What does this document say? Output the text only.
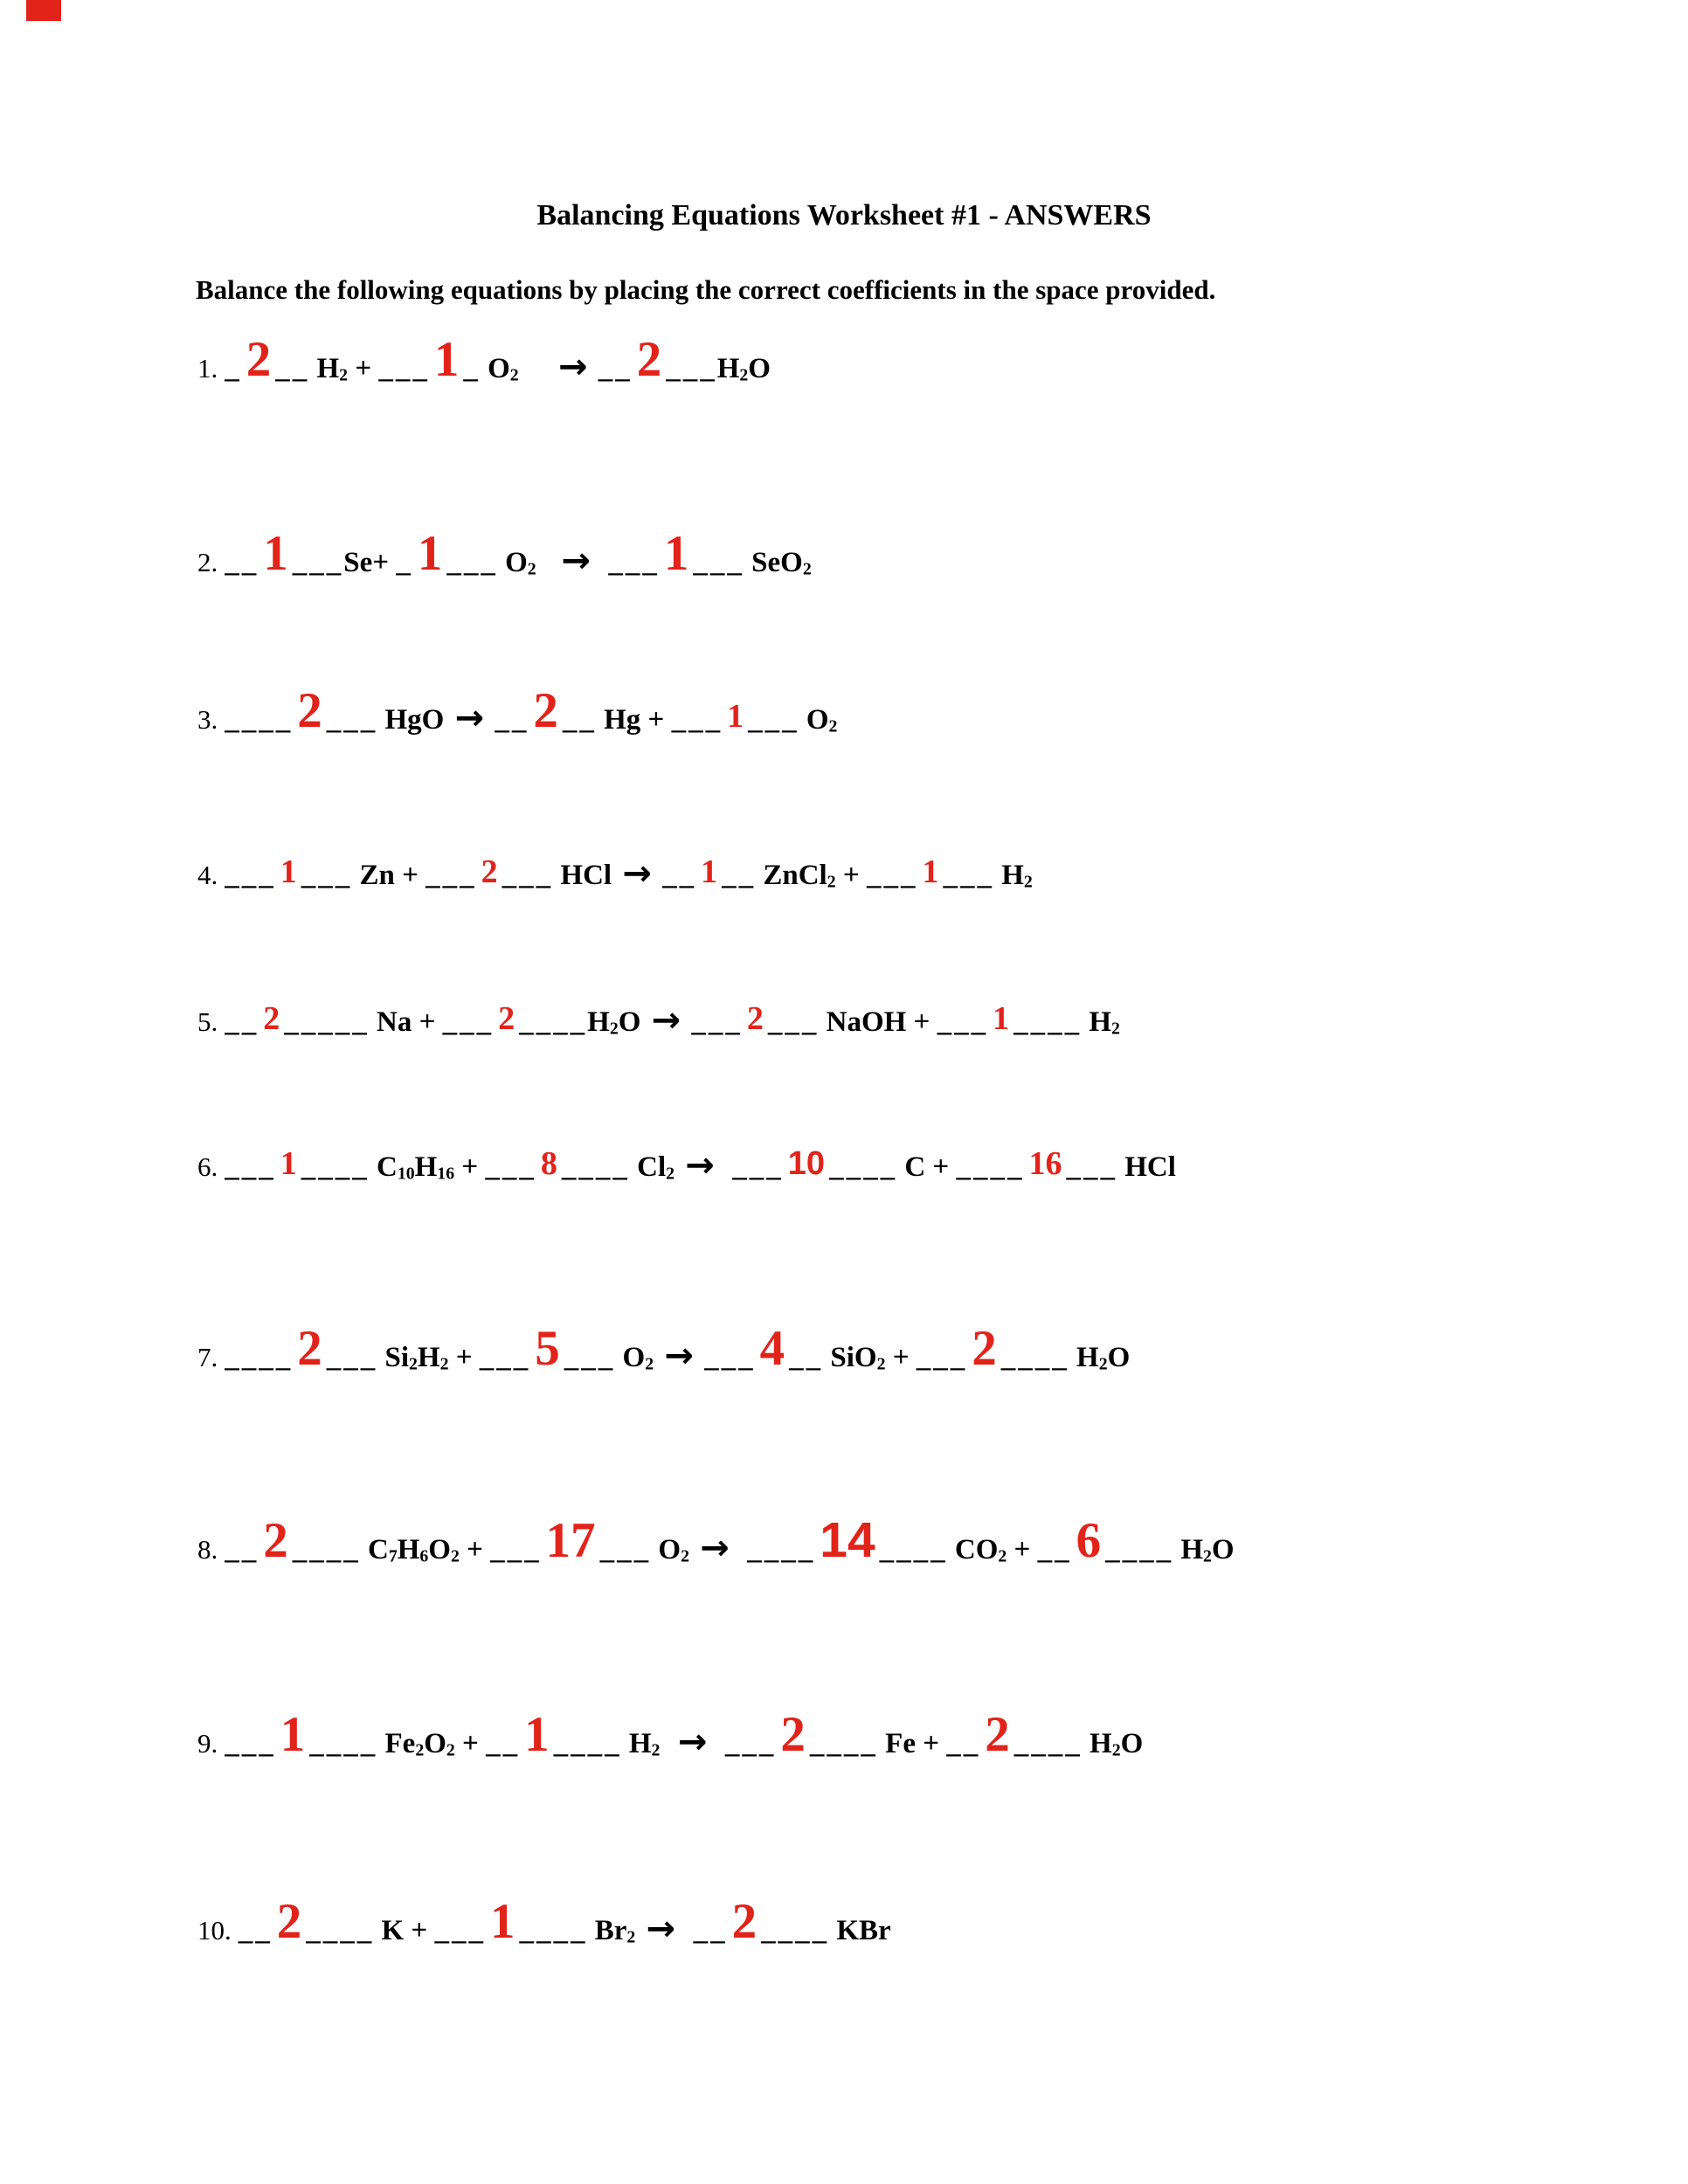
Balancing Equations Worksheet #1 - ANSWERS
Balance the following equations by placing the correct coefficients in the space provided.
1. _2 __ $H_2$ + ___1 _ $O_2$ → __2 $\_\_\_H_2O$
2. __1 ___Se+ _1 ___ $O_2$ → ___1 ___ SeO$_2$
3. ____2 ___ HgO → __2 __ Hg + ___ 1 ___ $O_2$
4. ___ 1 ___ Zn + ___ 2 ___ HCl → __ 1 __ ZnCl$_2$ + ___ 1 ___ $H_2$
5. __ 2 _____ Na + ___ 2 $\_\_\_\_H_2O$ → ___ 2 ___ NaOH + ___ 1 ____ $H_2$
6. ___ 1 ____ $C_{10}H_{16}$ + ___ 8 ____ $Cl_2$ → ___ 10 ____ C + ____ 16 ___ HCl
7. ____2 ___ $Si_2H_2$ + ___5 ___ $O_2$ → ___4 __ SiO$_2$ + ___2 ____ $H_2O$
8. __2 ____ $C_7H_6O_2$ + ___17 ___ $O_2$ → ____14 ____ $CO_2$ + __6 ____ $H_2O$
9. ___1 ____ $Fe_2O_2$ + __1 ____ $H_2$ → ___2 ____ Fe + __2 ____ $H_2O$
10. __2 ____ K + ___1 ____ $Br_2$ → __2 ____ KBr
